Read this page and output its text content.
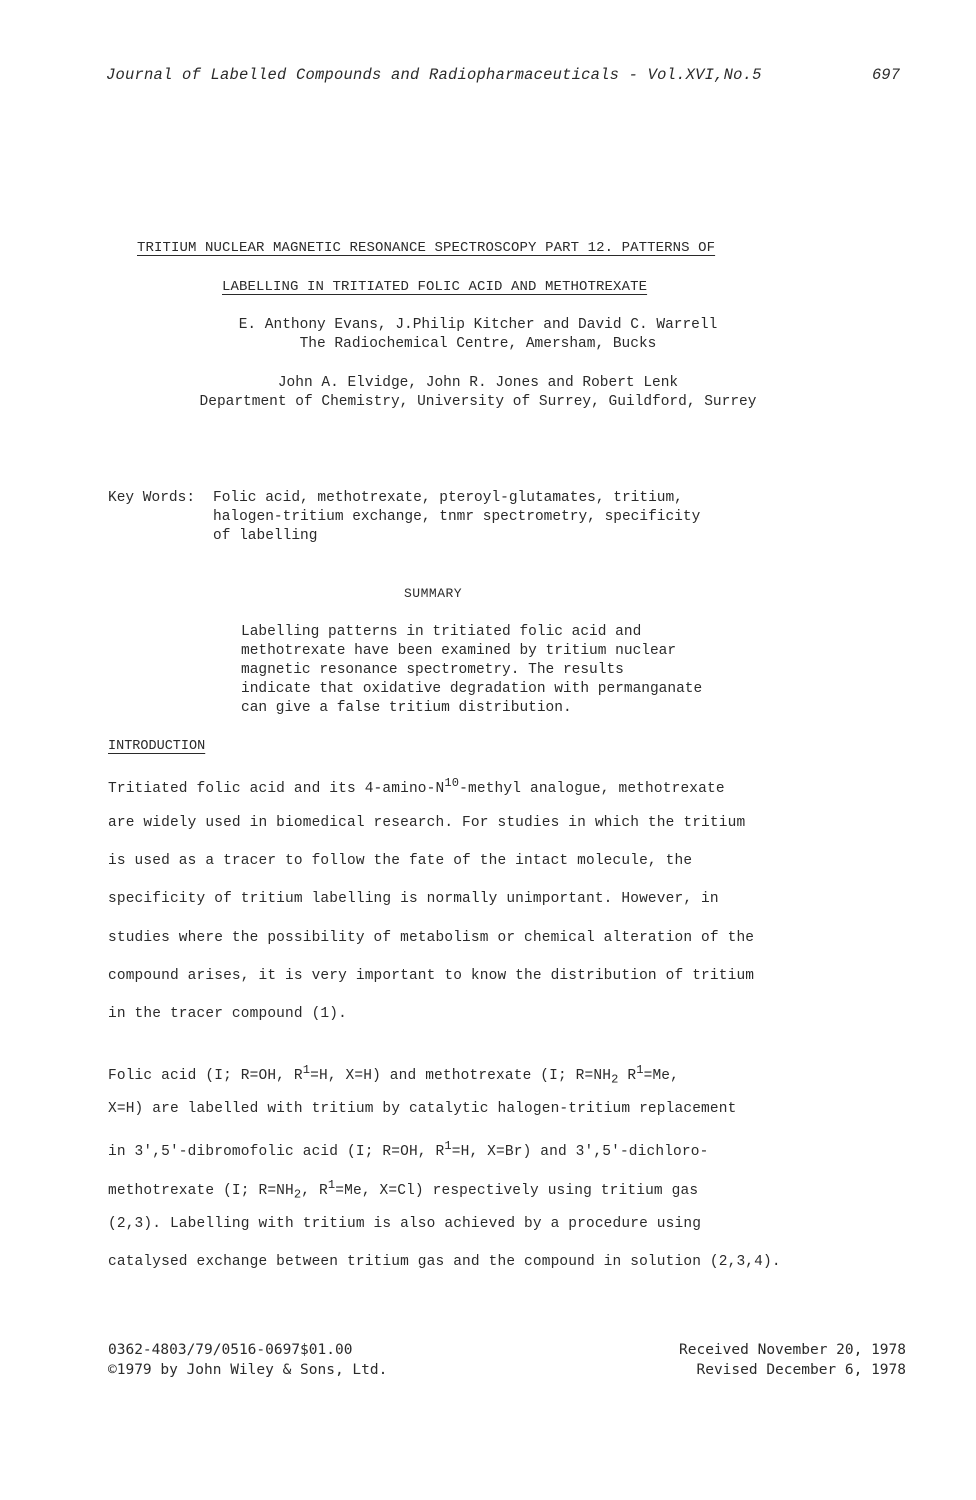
Journal of Labelled Compounds and Radiopharmaceuticals - Vol.XVI,No.5	697
TRITIUM NUCLEAR MAGNETIC RESONANCE SPECTROSCOPY PART 12. PATTERNS OF
LABELLING IN TRITIATED FOLIC ACID AND METHOTREXATE
E. Anthony Evans, J.Philip Kitcher and David C. Warrell
The Radiochemical Centre, Amersham, Bucks
John A. Elvidge, John R. Jones and Robert Lenk
Department of Chemistry, University of Surrey, Guildford, Surrey
Key Words: Folic acid, methotrexate, pteroyl-glutamates, tritium,
halogen-tritium exchange, tnmr spectrometry, specificity
of labelling
SUMMARY
Labelling patterns in tritiated folic acid and
methotrexate have been examined by tritium nuclear
magnetic resonance spectrometry. The results
indicate that oxidative degradation with permanganate
can give a false tritium distribution.
INTRODUCTION
Tritiated folic acid and its $4-amino-N^{10}$-methyl analogue, methotrexate
are widely used in biomedical research. For studies in which the tritium
is used as a tracer to follow the fate of the intact molecule, the
specificity of tritium labelling is normally unimportant. However, in
studies where the possibility of metabolism or chemical alteration of the
compound arises, it is very important to know the distribution of tritium
in the tracer compound (1).
Folic acid (I; R=OH, $R^1=H$, X=H) and methotrexate (I; $R=NH_2$ $R^1=Me$,
X=H) are labelled with tritium by catalytic halogen-tritium replacement
in 3',5'-dibromofolic acid (I; R=OH, $R^1=H$, X=Br) and 3',5'-dichloro-
methotrexate (I; $R=NH_2$, $R^1=Me$, X=Cl) respectively using tritium gas
(2,3). Labelling with tritium is also achieved by a procedure using
catalysed exchange between tritium gas and the compound in solution (2,3,4).
0362-4803/79/0516-0697$01.00
©1979 by John Wiley & Sons, Ltd.
Received November 20, 1978
Revised December 6, 1978
